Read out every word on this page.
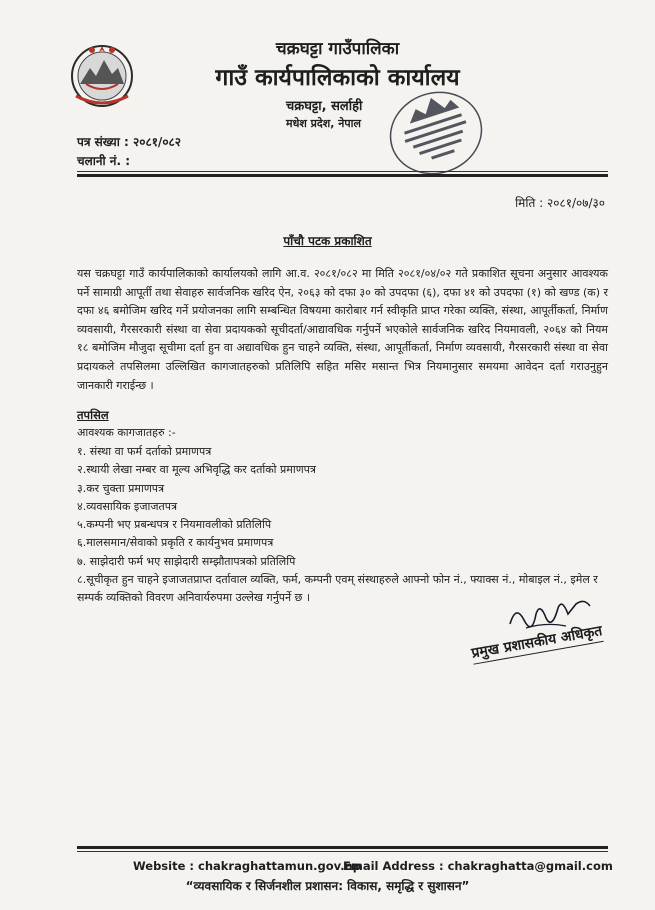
चक्रघट्टा गाउँपालिका
गाउँ कार्यपालिकाको कार्यालय
चक्रघट्टा, सर्लाही
मधेश प्रदेश, नेपाल
पत्र संख्या : २०८१/०८२
चलानी नं. :
मिति : २०८१/०७/३०
पाँचौ पटक प्रकाशित
यस चक्रघट्टा गाउँ कार्यपालिकाको कार्यालयको लागि आ.व. २०८१/०८२ मा मिति २०८१/०४/०२ गते प्रकाशित सूचना अनुसार आवश्यक पर्ने सामाग्री आपूर्ती तथा सेवाहरु सार्वजनिक खरिद ऐन, २०६३ को दफा ३० को उपदफा (६), दफा ४१ को उपदफा (१) को खण्ड (क) र दफा ४६ बमोजिम खरिद गर्ने प्रयोजनका लागि सम्बन्धित विषयमा कारोबार गर्न स्वीकृति प्राप्त गरेका व्यक्ति, संस्था, आपूर्तीकर्ता, निर्माण व्यवसायी, गैरसरकारी संस्था वा सेवा प्रदायकको सूचीदर्ता/आद्यावधिक गर्नुपर्ने भएकोले सार्वजनिक खरिद नियमावली, २०६४ को नियम १८ बमोजिम मौजुदा सूचीमा दर्ता हुन वा अद्यावधिक हुन चाहने व्यक्ति, संस्था, आपूर्तीकर्ता, निर्माण व्यवसायी, गैरसरकारी संस्था वा सेवा प्रदायकले तपसिलमा उल्लिखित कागजातहरुको प्रतिलिपि सहित मसिर मसान्त भित्र नियमानुसार समयमा आवेदन दर्ता गराउनुहुन जानकारी गराईन्छ ।
तपसिल
आवश्यक कागजातहरु :-
१. संस्था वा फर्म दर्ताको प्रमाणपत्र
२.स्थायी लेखा नम्बर वा मूल्य अभिवृद्धि कर दर्ताको प्रमाणपत्र
३.कर चुक्ता प्रमाणपत्र
४.व्यवसायिक इजाजतपत्र
५.कम्पनी भए प्रबन्धपत्र र नियमावलीको प्रतिलिपि
६.मालसमान/सेवाको प्रकृति र कार्यनुभव प्रमाणपत्र
७. साझेदारी फर्म भए साझेदारी सम्झौतापत्रको प्रतिलिपि
८.सूचीकृत हुन चाहने इजाजतप्राप्त दर्तावाल व्यक्ति, फर्म, कम्पनी एवम् संस्थाहरुले आफ्नो फोन नं., फ्याक्स नं., मोबाइल नं., इमेल र सम्पर्क व्यक्तिको विवरण अनिवार्यरुपमा उल्लेख गर्नुपर्ने छ ।
प्रमुख प्रशासकीय अधिकृत
Website : chakraghattamun.gov.np
Email Address : chakraghatta@gmail.com
“व्यवसायिक र सिर्जनशील प्रशासन: विकास, समृद्धि र सुशासन”
